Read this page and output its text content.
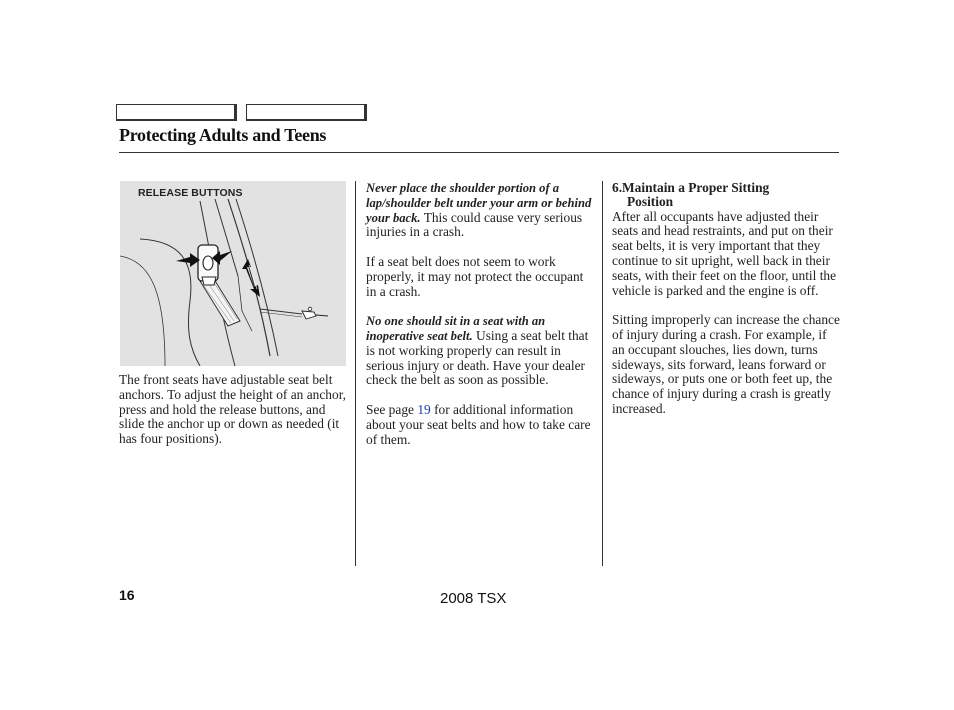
Protecting Adults and Teens
RELEASE BUTTONS

The front seats have adjustable seat belt anchors. To adjust the height of an anchor, press and hold the release buttons, and slide the anchor up or down as needed (it has four positions).

Never place the shoulder portion of a lap/shoulder belt under your arm or behind your back. This could cause very serious injuries in a crash.

If a seat belt does not seem to work properly, it may not protect the occupant in a crash.

No one should sit in a seat with an inoperative seat belt. Using a seat belt that is not working properly can result in serious injury or death. Have your dealer check the belt as soon as possible.

See page 19 for additional information about your seat belts and how to take care of them.

6.Maintain a Proper Sitting
Position

After all occupants have adjusted their seats and head restraints, and put on their seat belts, it is very important that they continue to sit upright, well back in their seats, with their feet on the floor, until the vehicle is parked and the engine is off.

Sitting improperly can increase the chance of injury during a crash. For example, if an occupant slouches, lies down, turns sideways, sits forward, leans forward or sideways, or puts one or both feet up, the chance of injury during a crash is greatly increased.

16	2008 TSX
